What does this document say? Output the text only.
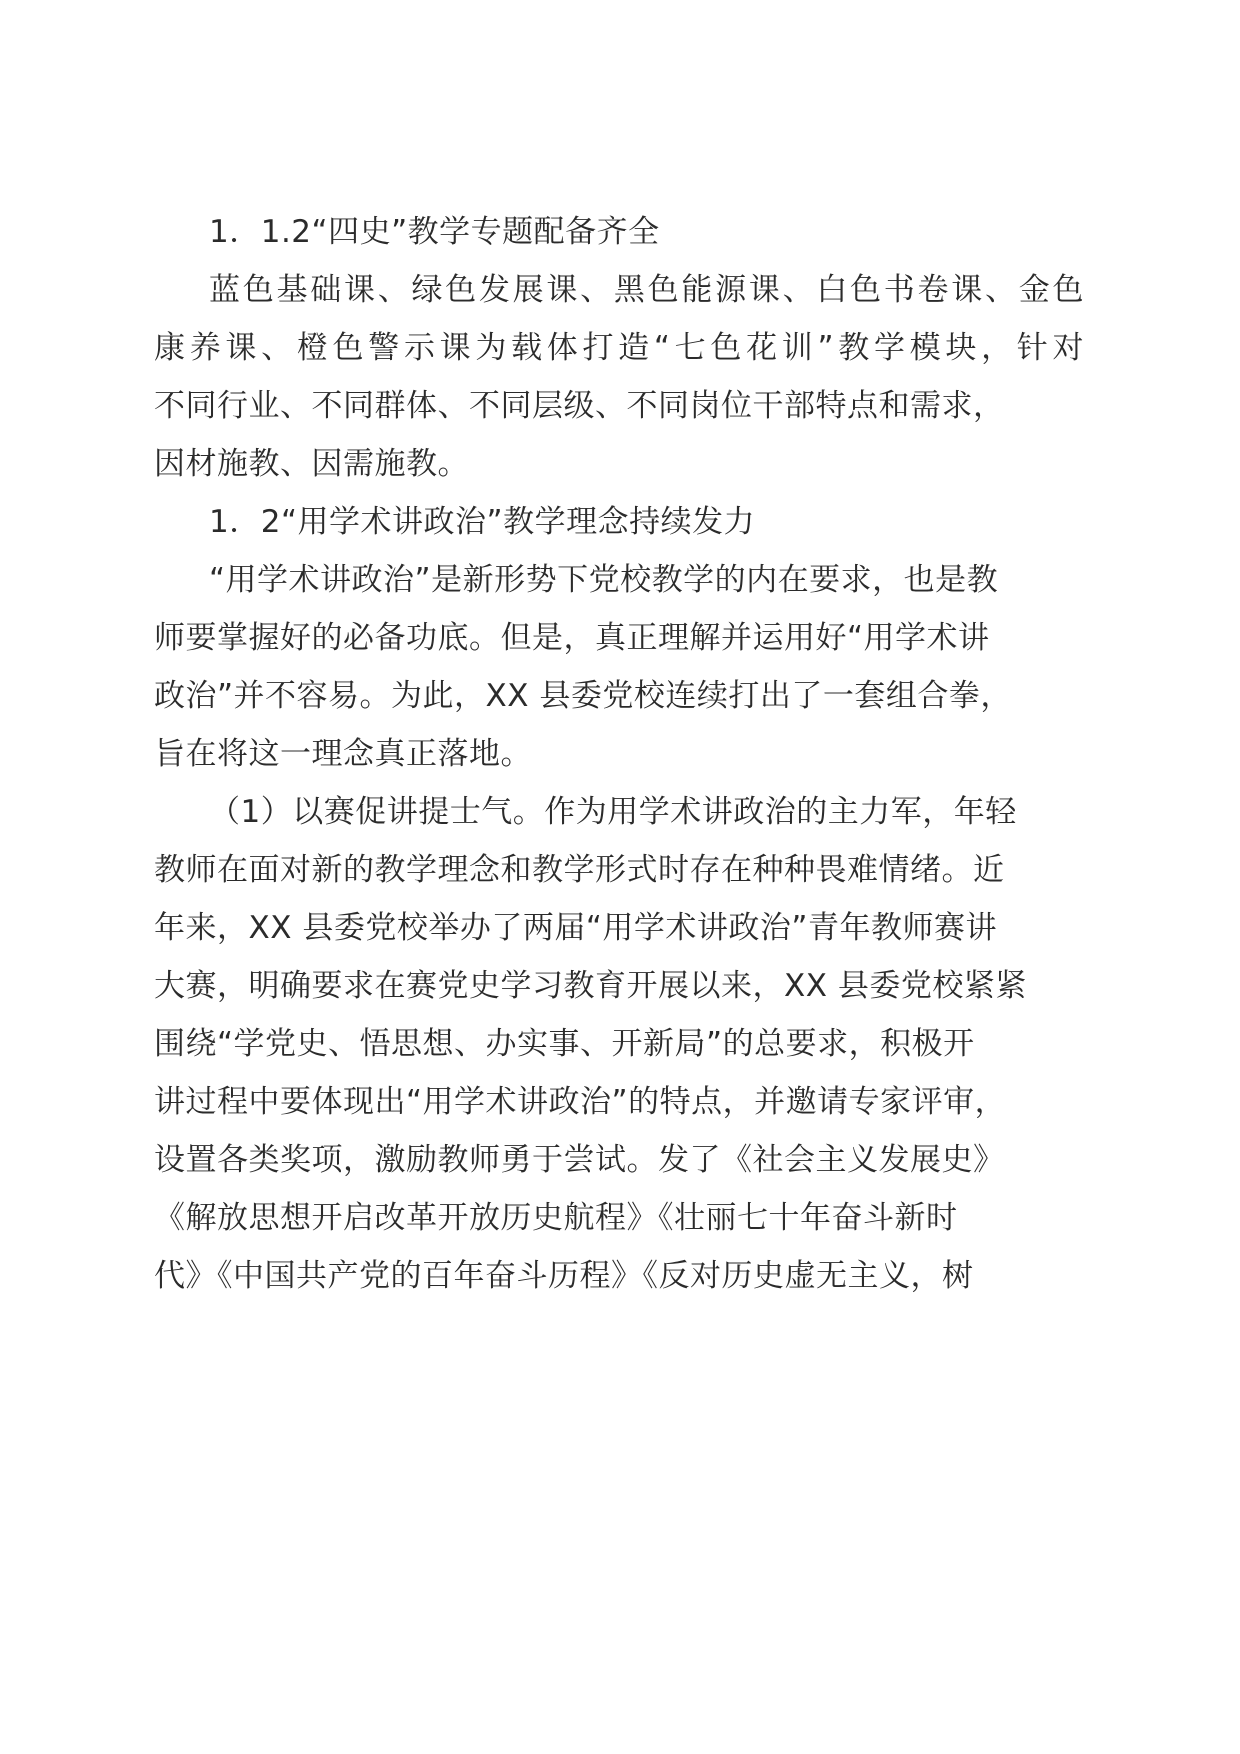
1．1.2“四史”教学专题配备齐全
蓝色基础课、绿色发展课、黑色能源课、白色书卷课、金色
康养课、橙色警示课为载体打造“七色花训”教学模块，针对
不同行业、不同群体、不同层级、不同岗位干部特点和需求，
因材施教、因需施教。
1．2“用学术讲政治”教学理念持续发力
“用学术讲政治”是新形势下党校教学的内在要求，也是教
师要掌握好的必备功底。但是，真正理解并运用好“用学术讲
政治”并不容易。为此，XX 县委党校连续打出了一套组合拳，
旨在将这一理念真正落地。
（1）以赛促讲提士气。作为用学术讲政治的主力军，年轻
教师在面对新的教学理念和教学形式时存在种种畏难情绪。近
年来，XX 县委党校举办了两届“用学术讲政治”青年教师赛讲
大赛，明确要求在赛党史学习教育开展以来，XX 县委党校紧紧
围绕“学党史、悟思想、办实事、开新局”的总要求，积极开
讲过程中要体现出“用学术讲政治”的特点，并邀请专家评审，
设置各类奖项，激励教师勇于尝试。发了《社会主义发展史》
《解放思想开启改革开放历史航程》《壮丽七十年奋斗新时
代》《中国共产党的百年奋斗历程》《反对历史虚无主义，树
